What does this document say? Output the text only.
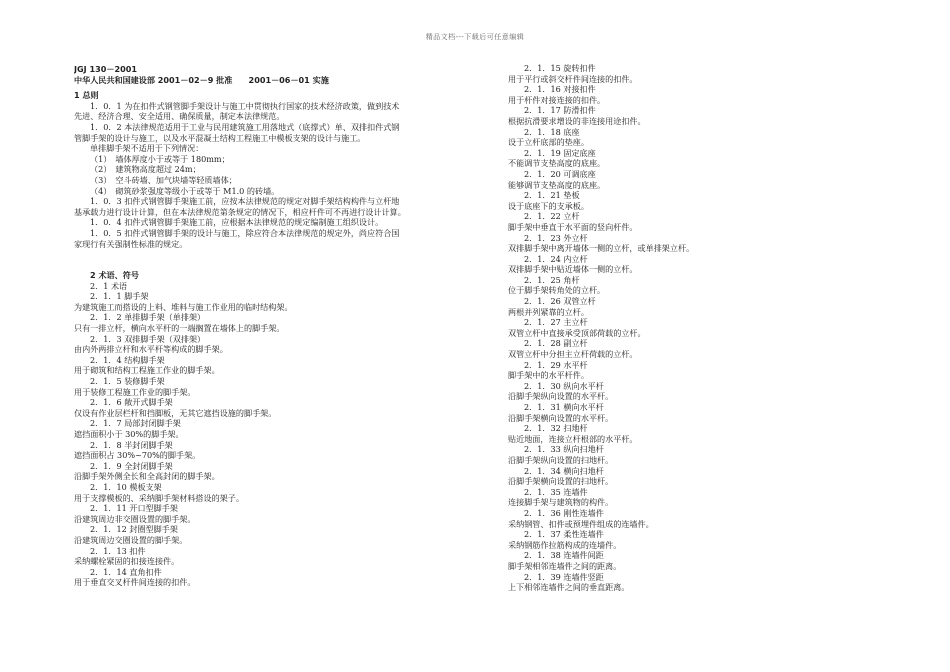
精品文档---下载后可任意编辑
JGJ 130－2001
中华人民共和国建设部 2001－02－9 批准　　2001－06－01 实施
1 总则
1．0．1 为在扣件式钢管脚手架设计与施工中贯彻执行国家的技术经济政策，做到技术
先进、经济合理、安全适用、确保质量，制定本法律规范。
1．0．2 本法律规范适用于工业与民用建筑施工用落地式（底撑式）单、双排扣件式钢
管脚手架的设计与施工，以及水平混凝土结构工程施工中模板支架的设计与施工。
单排脚手架不适用于下列情况：
（1）　墙体厚度小于或等于 180mm；
（2）　建筑物高度超过 24m；
（3）　空斗砖墙、加气块墙等轻质墙体；
（4）　砌筑砂浆强度等级小于或等于 M1.0 的砖墙。
1．0．3 扣件式钢管脚手架施工前，应按本法律规范的规定对脚手架结构构件与立杆地
基承载力进行设计计算，但在本法律规范第条规定的情况下，相应杆件可不再进行设计计算。
1．0．4 扣件式钢管脚手架施工前，应根据本法律规范的规定编制施工组织设计。
1．0．5 扣件式钢管脚手架的设计与施工，除应符合本法律规范的规定外，尚应符合国
家现行有关强制性标准的规定。
2 术语、符号
2．1 术语
2．1．1 脚手架
为建筑施工而搭设的上料、堆料与施工作业用的临时结构架。
2．1．2 单排脚手架（单排架）
只有一排立杆，横向水平杆的一端搁置在墙体上的脚手架。
2．1．3 双排脚手架（双排架）
由内外两排立杆和水平杆等构成的脚手架。
2．1．4 结构脚手架
用于砌筑和结构工程施工作业的脚手架。
2．1．5 装修脚手架
用于装修工程施工作业的脚手架。
2．1．6 敞开式脚手架
仅设有作业层栏杆和挡脚板，无其它遮挡设施的脚手架。
2．1．7 局部封闭脚手架
遮挡面积小于 30%的脚手架。
2．1．8 半封闭脚手架
遮挡面积占 30%~70%的脚手架。
2．1．9 全封闭脚手架
沿脚手架外侧全长和全高封闭的脚手架。
2．1．10 模板支架
用于支撑模板的、采纳脚手架材料搭设的架子。
2．1．11 开口型脚手架
沿建筑周边非交圈设置的脚手架。
2．1．12 封圈型脚手架
沿建筑周边交圈设置的脚手架。
2．1．13 扣件
采纳螺栓紧固的扣接连接件。
2．1．14 直角扣件
用于垂直交叉杆件间连接的扣件。
2．1．15 旋转扣件
用于平行或斜交杆件间连接的扣件。
2．1．16 对接扣件
用于杆件对接连接的扣件。
2．1．17 防滑扣件
根据抗滑要求增设的非连接用途扣件。
2．1．18 底座
设于立杆底部的垫座。
2．1．19 固定底座
不能调节支垫高度的底座。
2．1．20 可调底座
能够调节支垫高度的底座。
2．1．21 垫板
设于底座下的支承板。
2．1．22 立杆
脚手架中垂直于水平面的竖向杆件。
2．1．23 外立杆
双排脚手架中离开墙体一侧的立杆，或单排架立杆。
2．1．24 内立杆
双排脚手架中贴近墙体一侧的立杆。
2．1．25 角杆
位于脚手架转角处的立杆。
2．1．26 双管立杆
两根并列紧靠的立杆。
2．1．27 主立杆
双管立杆中直接承受顶部荷载的立杆。
2．1．28 副立杆
双管立杆中分担主立杆荷载的立杆。
2．1．29 水平杆
脚手架中的水平杆件。
2．1．30 纵向水平杆
沿脚手架纵向设置的水平杆。
2．1．31 横向水平杆
沿脚手架横向设置的水平杆。
2．1．32 扫地杆
贴近地面，连接立杆根部的水平杆。
2．1．33 纵向扫地杆
沿脚手架纵向设置的扫地杆。
2．1．34 横向扫地杆
沿脚手架横向设置的扫地杆。
2．1．35 连墙件
连接脚手架与建筑物的构件。
2．1．36 刚性连墙件
采纳钢管、扣件或预埋件组成的连墙件。
2．1．37 柔性连墙件
采纳钢筋作拉筋构成的连墙件。
2．1．38 连墙件间距
脚手架相邻连墙件之间的距离。
2．1．39 连墙件竖距
上下相邻连墙件之间的垂直距离。
